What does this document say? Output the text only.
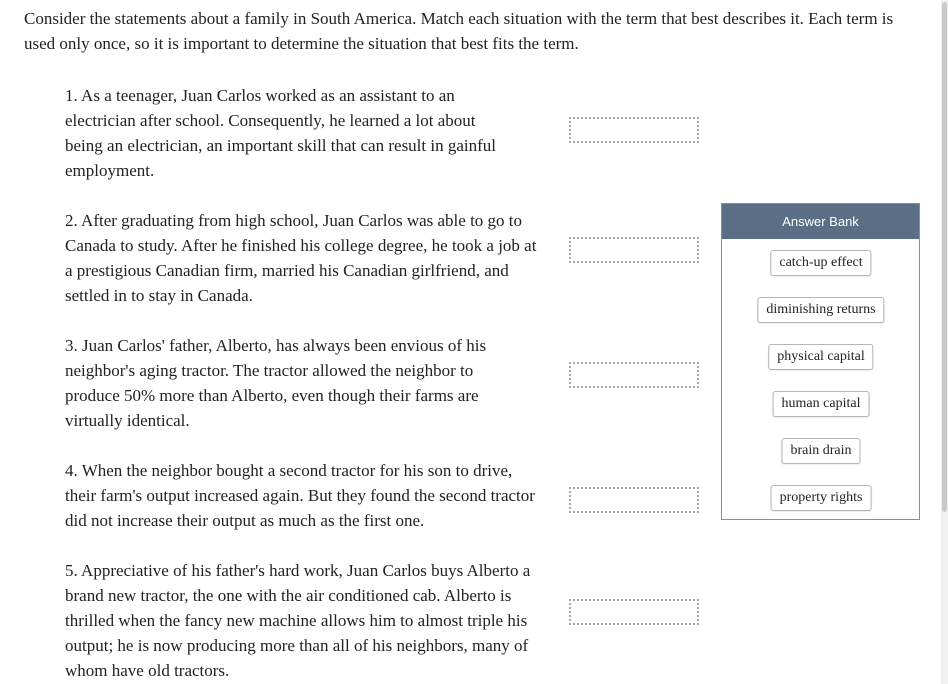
Consider the statements about a family in South America. Match each situation with the term that best describes it. Each term is used only once, so it is important to determine the situation that best fits the term.

1. As a teenager, Juan Carlos worked as an assistant to an electrician after school. Consequently, he learned a lot about being an electrician, an important skill that can result in gainful employment.

2. After graduating from high school, Juan Carlos was able to go to Canada to study. After he finished his college degree, he took a job at a prestigious Canadian firm, married his Canadian girlfriend, and settled in to stay in Canada.

3. Juan Carlos' father, Alberto, has always been envious of his neighbor's aging tractor. The tractor allowed the neighbor to produce 50% more than Alberto, even though their farms are virtually identical.

4. When the neighbor bought a second tractor for his son to drive, their farm's output increased again. But they found the second tractor did not increase their output as much as the first one.

5. Appreciative of his father's hard work, Juan Carlos buys Alberto a brand new tractor, the one with the air conditioned cab. Alberto is thrilled when the fancy new machine allows him to almost triple his output; he is now producing more than all of his neighbors, many of whom have old tractors.

Answer Bank
catch-up effect
diminishing returns
physical capital
human capital
brain drain
property rights
